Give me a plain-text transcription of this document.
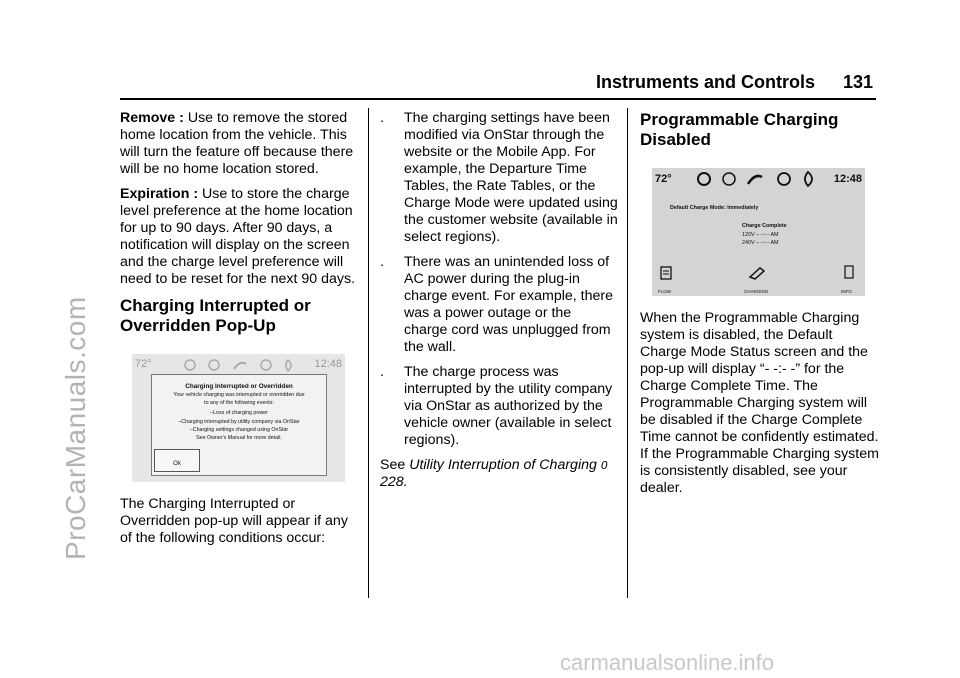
Instruments and Controls 131
ProCarManuals.com
carmanualsonline.info

Remove : Use to remove the stored home location from the vehicle. This will turn the feature off because there will be no home location stored.

Expiration : Use to store the charge level preference at the home location for up to 90 days. After 90 days, a notification will display on the screen and the charge level preference will need to be reset for the next 90 days.

Charging Interrupted or Overridden Pop-Up
72°	12:48
Charging Interrupted or Overridden
Your vehicle charging was interrupted or overridden due
to any of the following events:
–Loss of charging power
–Charging interrupted by utility company via OnStar
–Charging settings changed using OnStar
See Owner's Manual for more detail.
Ok

The Charging Interrupted or Overridden pop-up will appear if any of the following conditions occur:

. The charging settings have been modified via OnStar through the website or the Mobile App. For example, the Departure Time Tables, the Rate Tables, or the Charge Mode were updated using the customer website (available in select regions).
. There was an unintended loss of AC power during the plug-in charge event. For example, there was a power outage or the charge cord was unplugged from the wall.
. The charge process was interrupted by the utility company via OnStar as authorized by the vehicle owner (available in select regions).

See Utility Interruption of Charging 0 228.

Programmable Charging Disabled
72°	12:48
Default Charge Mode: Immediately
Charge Complete
120V – --:-- AM
240V – --:-- AM
FLOW	CHARGING	INFO

When the Programmable Charging system is disabled, the Default Charge Mode Status screen and the pop-up will display “- -:- -” for the Charge Complete Time. The Programmable Charging system will be disabled if the Charge Complete Time cannot be confidently estimated. If the Programmable Charging system is consistently disabled, see your dealer.
